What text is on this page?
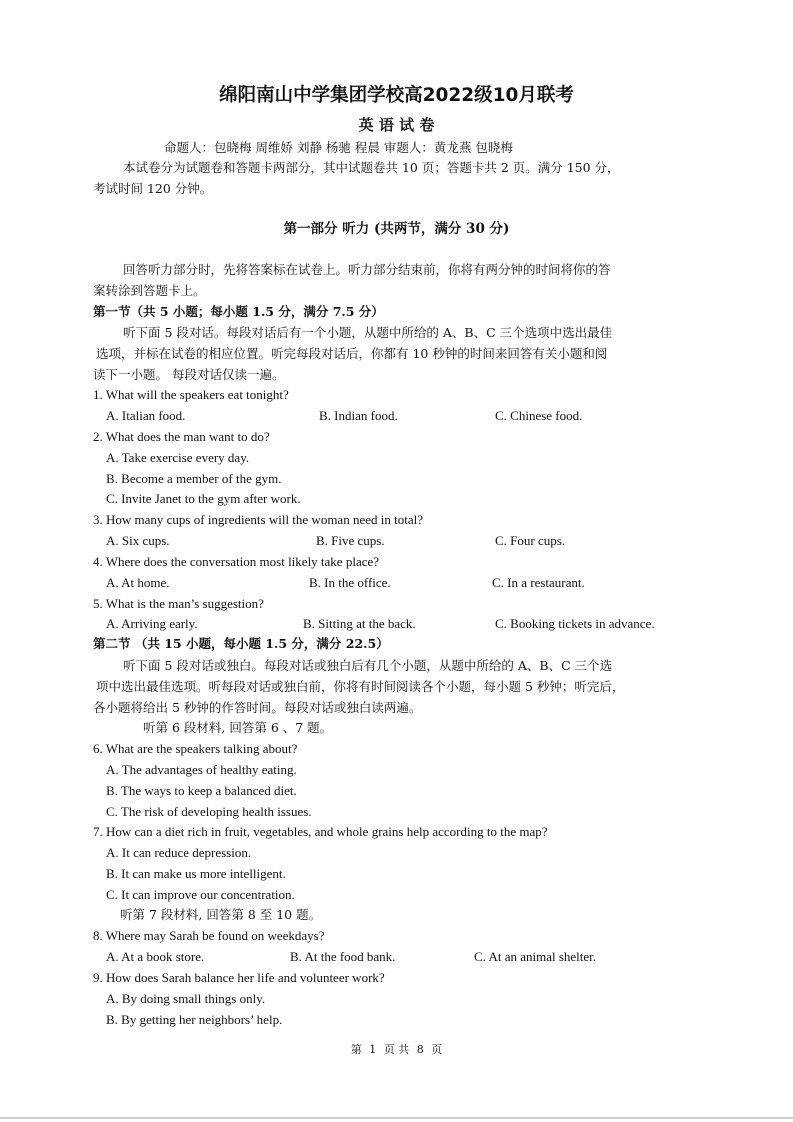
绵阳南山中学集团学校高2022级10月联考
英 语 试 卷
命题人：包晓梅 周维娇 刘静 杨驰 程晨 审题人：黄龙燕 包晓梅
本试卷分为试题卷和答题卡两部分，其中试题卷共 10 页；答题卡共 2 页。满分 150 分，
考试时间 120 分钟。
第一部分 听力 (共两节，满分 30 分)
回答听力部分时，先将答案标在试卷上。听力部分结束前，你将有两分钟的时间将你的答
案转涂到答题卡上。
第一节（共 5 小题；每小题 1.5 分，满分 7.5 分）
听下面 5 段对话。每段对话后有一个小题，从题中所给的 A、B、C 三个选项中选出最佳
选项，并标在试卷的相应位置。听完每段对话后，你都有 10 秒钟的时间来回答有关小题和阅
读下一小题。 每段对话仅读一遍。
1. What will the speakers eat tonight?
A. Italian food.	B. Indian food.	C. Chinese food.
2. What does the man want to do?
A. Take exercise every day.
B. Become a member of the gym.
C. Invite Janet to the gym after work.
3. How many cups of ingredients will the woman need in total?
A. Six cups.	B. Five cups.	C. Four cups.
4. Where does the conversation most likely take place?
A. At home.	B. In the office.	C. In a restaurant.
5. What is the man’s suggestion?
A. Arriving early.	B. Sitting at the back.	C. Booking tickets in advance.
第二节 （共 15 小题，每小题 1.5 分，满分 22.5）
听下面 5 段对话或独白。每段对话或独白后有几个小题，从题中所给的 A、B、C 三个选
项中选出最佳选项。听每段对话或独白前，你将有时间阅读各个小题，每小题 5 秒钟；听完后，
各小题将给出 5 秒钟的作答时间。每段对话或独白读两遍。
听第 6 段材料, 回答第 6 、7 题。
6. What are the speakers talking about?
A. The advantages of healthy eating.
B. The ways to keep a balanced diet.
C. The risk of developing health issues.
7. How can a diet rich in fruit, vegetables, and whole grains help according to the map?
A. It can reduce depression.
B. It can make us more intelligent.
C. It can improve our concentration.
听第 7 段材料, 回答第 8 至 10 题。
8. Where may Sarah be found on weekdays?
A. At a book store.	B. At the food bank.	C. At an animal shelter.
9. How does Sarah balance her life and volunteer work?
A. By doing small things only.
B. By getting her neighbors’ help.
第 1 页 共 8 页
